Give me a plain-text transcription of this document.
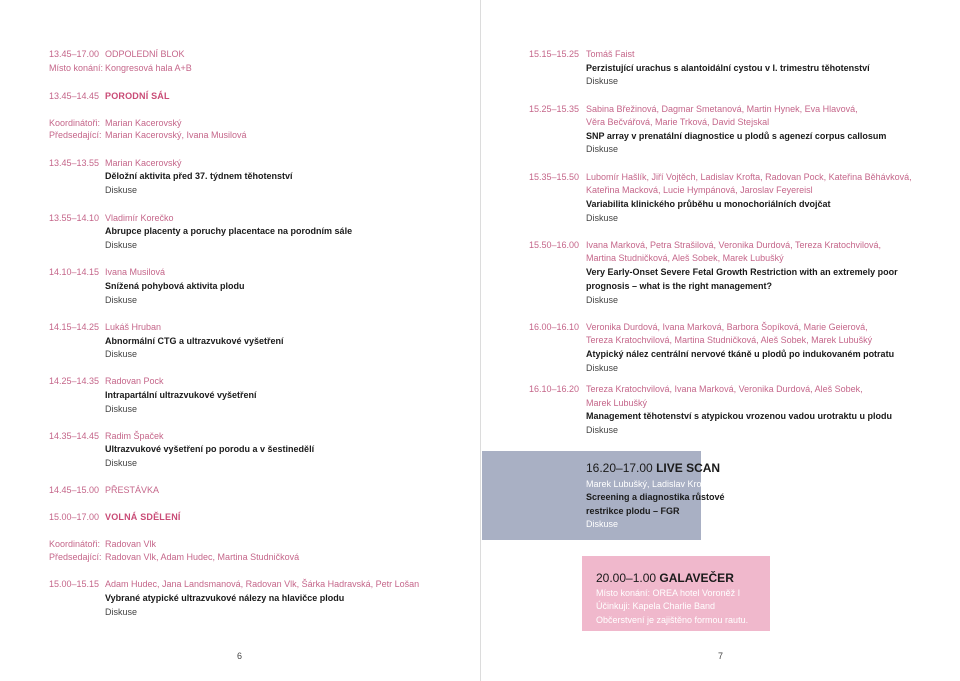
13.45–17.00 ODPOLEDNÍ BLOK
Místo konání: Kongresová hala A+B
13.45–14.45 PORODNÍ SÁL
Koordinátoři: Marian Kacerovský
Předsedající: Marian Kacerovský, Ivana Musilová
13.45–13.55 Marian Kacerovský
Děložní aktivita před 37. týdnem těhotenství
Diskuse
13.55–14.10 Vladimír Korečko
Abrupce placenty a poruchy placentace na porodním sále
Diskuse
14.10–14.15 Ivana Musilová
Snížená pohybová aktivita plodu
Diskuse
14.15–14.25 Lukáš Hruban
Abnormální CTG a ultrazvukové vyšetření
Diskuse
14.25–14.35 Radovan Pock
Intrapartální ultrazvukové vyšetření
Diskuse
14.35–14.45 Radim Špaček
Ultrazvukové vyšetření po porodu a v šestinedělí
Diskuse
14.45–15.00 PŘESTÁVKA
15.00–17.00 VOLNÁ SDĚLENÍ
Koordinátoři: Radovan Vlk
Předsedající: Radovan Vlk, Adam Hudec, Martina Studničková
15.00–15.15 Adam Hudec, Jana Landsmanová, Radovan Vlk, Šárka Hadravská, Petr Lošan
Vybrané atypické ultrazvukové nálezy na hlavičce plodu
Diskuse
6
15.15–15.25 Tomáš Faist
Perzistující urachus s alantoidální cystou v I. trimestru těhotenství
Diskuse
15.25–15.35 Sabina Břežinová, Dagmar Smetanová, Martin Hynek, Eva Hlavová,
Věra Bečvářová, Marie Trková, David Stejskal
SNP array v prenatální diagnostice u plodů s agenezí corpus callosum
Diskuse
15.35–15.50 Lubomír Hašlík, Jiří Vojtěch, Ladislav Krofta, Radovan Pock, Kateřina Běhávková,
Kateřina Macková, Lucie Hympánová, Jaroslav Feyereisl
Variabilita klinického průběhu u monochoriálních dvojčat
Diskuse
15.50–16.00 Ivana Marková, Petra Strašilová, Veronika Durdová, Tereza Kratochvilová,
Martina Studničková, Aleš Sobek, Marek Lubušký
Very Early-Onset Severe Fetal Growth Restriction with an extremely poor
prognosis – what is the right management?
Diskuse
16.00–16.10 Veronika Durdová, Ivana Marková, Barbora Šopíková, Marie Geierová,
Tereza Kratochvilová, Martina Studničková, Aleš Sobek, Marek Lubušký
Atypický nález centrální nervové tkáně u plodů po indukovaném potratu
Diskuse
16.10–16.20 Tereza Kratochvilová, Ivana Marková, Veronika Durdová, Aleš Sobek,
Marek Lubušký
Management těhotenství s atypickou vrozenou vadou urotraktu u plodu
Diskuse
7
16.20–17.00 LIVE SCAN
Marek Lubušký, Ladislav Krofta
Screening a diagnostika růstové
restrikce plodu – FGR
Diskuse
20.00–1.00 GALAVEČER
Místo konání: OREA hotel Voroněž I
Účinkuji: Kapela Charlie Band
Občerstvení je zajištěno formou rautu.
